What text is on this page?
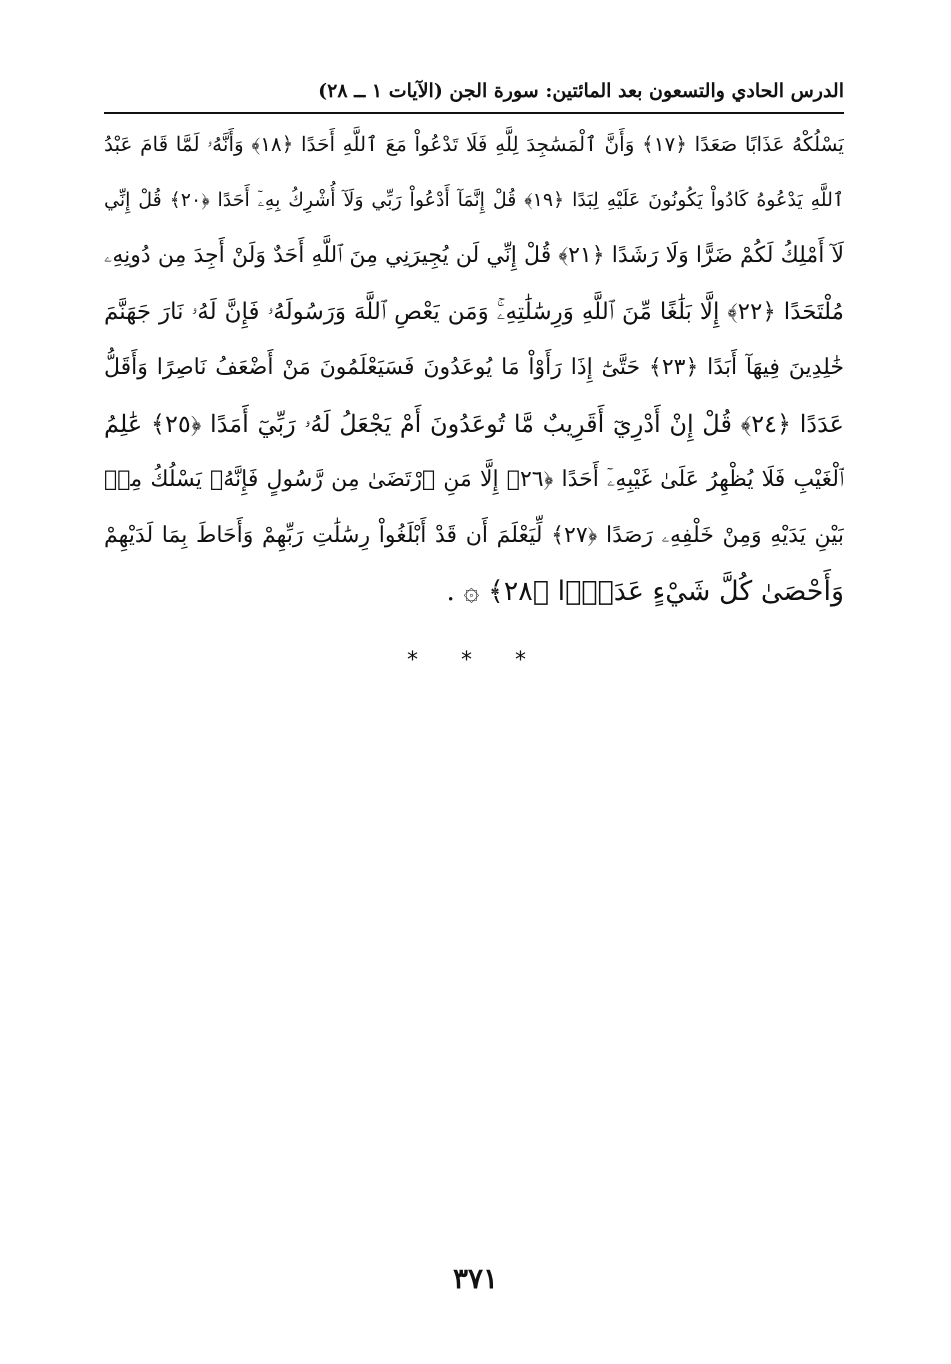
الدرس الحادي والتسعون بعد المائتين: سورة الجن (الآيات ١ ــ ٢٨)
يَسْلُكْهُ عَذَابًا صَعَدًا ﴿١٧﴾ وَأَنَّ ٱلْمَسَٰجِدَ لِلَّهِ فَلَا تَدْعُواْ مَعَ ٱللَّهِ أَحَدًا ﴿١٨﴾ وَأَنَّهُۥ لَمَّا قَامَ عَبْدُ
ٱللَّهِ يَدْعُوهُ كَادُواْ يَكُونُونَ عَلَيْهِ لِبَدًا ﴿١٩﴾ قُلْ إِنَّمَآ أَدْعُواْ رَبِّي وَلَآ أُشْرِكُ بِهِۦٓ أَحَدًا ﴿٢٠﴾ قُلْ إِنِّي
لَآ أَمْلِكُ لَكُمْ ضَرًّا وَلَا رَشَدًا ﴿٢١﴾ قُلْ إِنِّي لَن يُجِيرَنِي مِنَ ٱللَّهِ أَحَدٌ وَلَنْ أَجِدَ مِن دُونِهِۦ
مُلْتَحَدًا ﴿٢٢﴾ إِلَّا بَلَٰغًا مِّنَ ٱللَّهِ وَرِسَٰلَٰتِهِۦۚ وَمَن يَعْصِ ٱللَّهَ وَرَسُولَهُۥ فَإِنَّ لَهُۥ نَارَ جَهَنَّمَ
خَٰلِدِينَ فِيهَآ أَبَدًا ﴿٢٣﴾ حَتَّىٰٓ إِذَا رَأَوْاْ مَا يُوعَدُونَ فَسَيَعْلَمُونَ مَنْ أَضْعَفُ نَاصِرًا وَأَقَلُّ
عَدَدًا ﴿٢٤﴾ قُلْ إِنْ أَدْرِيٓ أَقَرِيبٌ مَّا تُوعَدُونَ أَمْ يَجْعَلُ لَهُۥ رَبِّيٓ أَمَدًا ﴿٢٥﴾ عَٰلِمُ
ٱلْغَيْبِ فَلَا يُظْهِرُ عَلَىٰ غَيْبِهِۦٓ أَحَدًا ﴿٢٦﴾ إِلَّا مَنِ ٱرْتَضَىٰ مِن رَّسُولٍ فَإِنَّهُۥ يَسْلُكُ مِنۢ
بَيْنِ يَدَيْهِ وَمِنْ خَلْفِهِۦ رَصَدًا ﴿٢٧﴾ لِّيَعْلَمَ أَن قَدْ أَبْلَغُواْ رِسَٰلَٰتِ رَبِّهِمْ وَأَحَاطَ بِمَا لَدَيْهِمْ
وَأَحْصَىٰ كُلَّ شَيْءٍ عَدَدًۢا ﴿٢٨﴾ ۞ .
* * *
٣٧١
